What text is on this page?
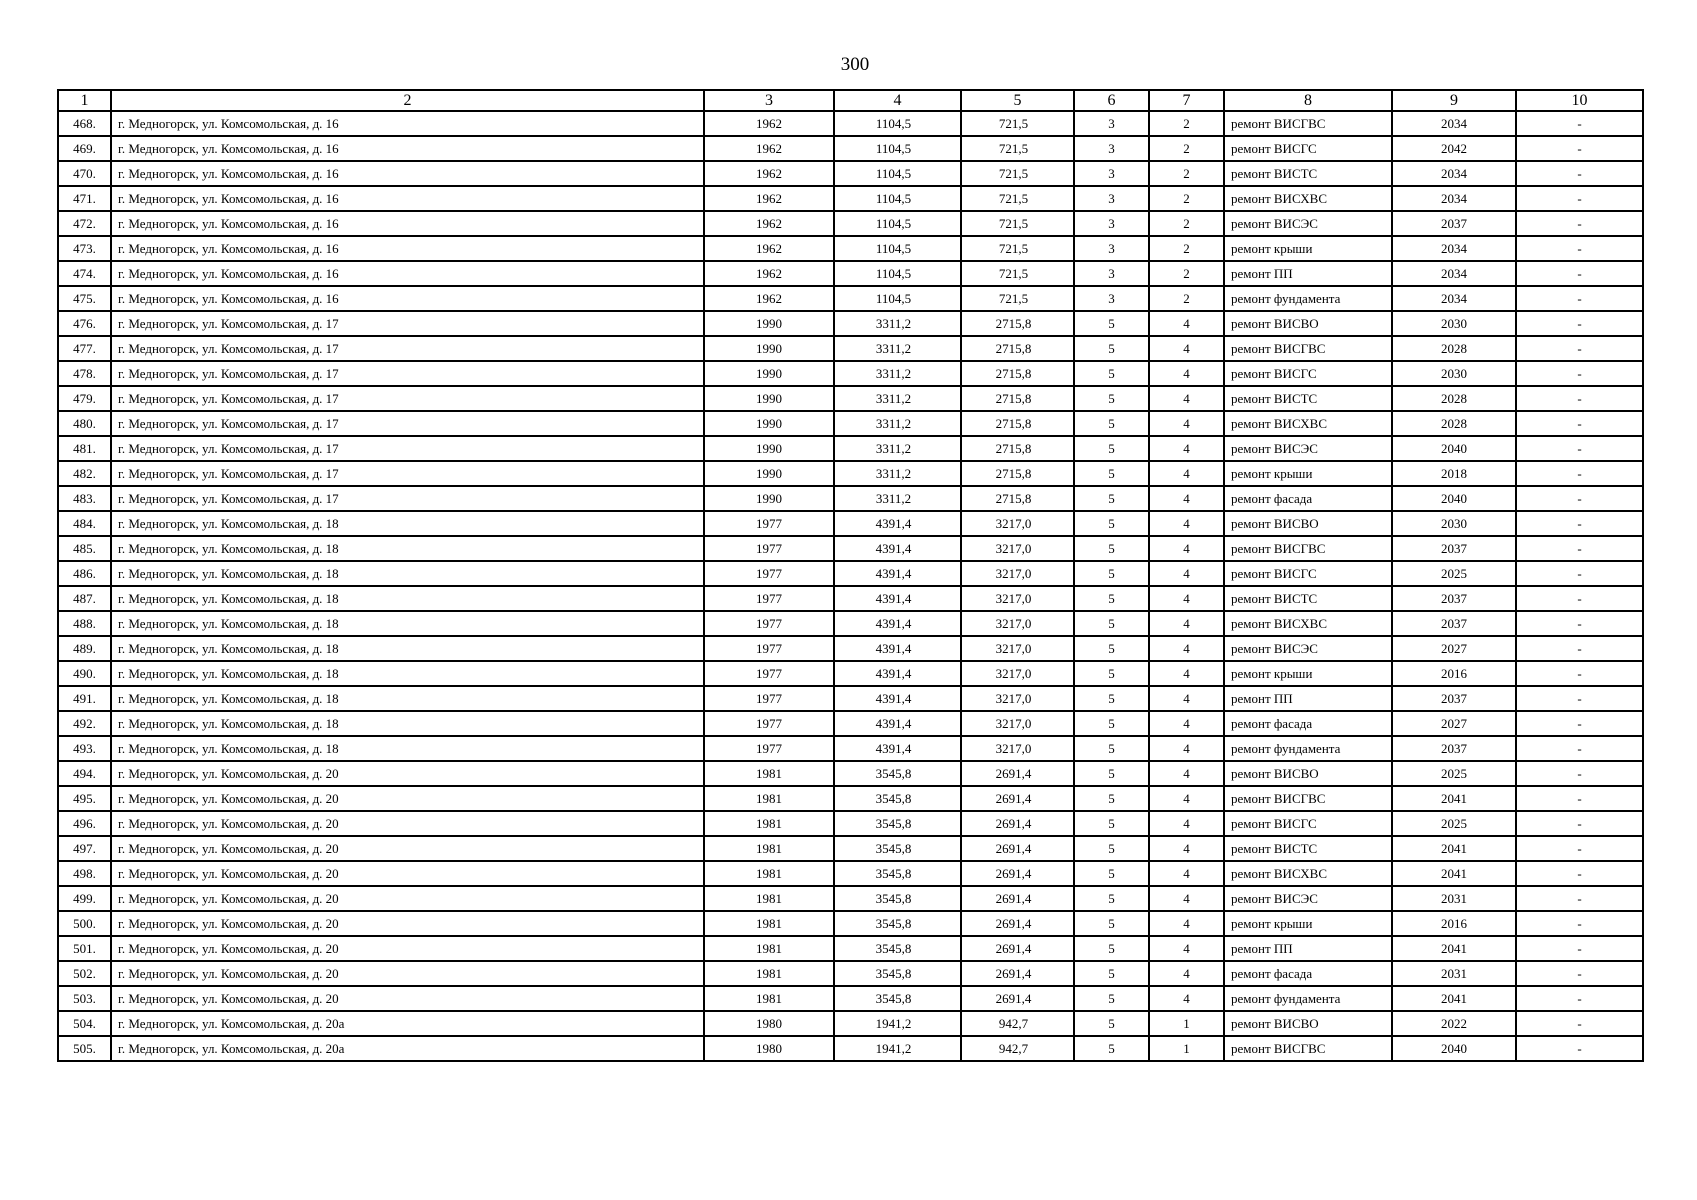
300
1	2	3	4	5	6	7	8	9	10
468.	г. Медногорск, ул. Комсомольская, д. 16	1962	1104,5	721,5	3	2	ремонт ВИСГВС	2034	-
469.	г. Медногорск, ул. Комсомольская, д. 16	1962	1104,5	721,5	3	2	ремонт ВИСГС	2042	-
470.	г. Медногорск, ул. Комсомольская, д. 16	1962	1104,5	721,5	3	2	ремонт ВИСТС	2034	-
471.	г. Медногорск, ул. Комсомольская, д. 16	1962	1104,5	721,5	3	2	ремонт ВИСХВС	2034	-
472.	г. Медногорск, ул. Комсомольская, д. 16	1962	1104,5	721,5	3	2	ремонт ВИСЭС	2037	-
473.	г. Медногорск, ул. Комсомольская, д. 16	1962	1104,5	721,5	3	2	ремонт крыши	2034	-
474.	г. Медногорск, ул. Комсомольская, д. 16	1962	1104,5	721,5	3	2	ремонт ПП	2034	-
475.	г. Медногорск, ул. Комсомольская, д. 16	1962	1104,5	721,5	3	2	ремонт фундамента	2034	-
476.	г. Медногорск, ул. Комсомольская, д. 17	1990	3311,2	2715,8	5	4	ремонт ВИСВО	2030	-
477.	г. Медногорск, ул. Комсомольская, д. 17	1990	3311,2	2715,8	5	4	ремонт ВИСГВС	2028	-
478.	г. Медногорск, ул. Комсомольская, д. 17	1990	3311,2	2715,8	5	4	ремонт ВИСГС	2030	-
479.	г. Медногорск, ул. Комсомольская, д. 17	1990	3311,2	2715,8	5	4	ремонт ВИСТС	2028	-
480.	г. Медногорск, ул. Комсомольская, д. 17	1990	3311,2	2715,8	5	4	ремонт ВИСХВС	2028	-
481.	г. Медногорск, ул. Комсомольская, д. 17	1990	3311,2	2715,8	5	4	ремонт ВИСЭС	2040	-
482.	г. Медногорск, ул. Комсомольская, д. 17	1990	3311,2	2715,8	5	4	ремонт крыши	2018	-
483.	г. Медногорск, ул. Комсомольская, д. 17	1990	3311,2	2715,8	5	4	ремонт фасада	2040	-
484.	г. Медногорск, ул. Комсомольская, д. 18	1977	4391,4	3217,0	5	4	ремонт ВИСВО	2030	-
485.	г. Медногорск, ул. Комсомольская, д. 18	1977	4391,4	3217,0	5	4	ремонт ВИСГВС	2037	-
486.	г. Медногорск, ул. Комсомольская, д. 18	1977	4391,4	3217,0	5	4	ремонт ВИСГС	2025	-
487.	г. Медногорск, ул. Комсомольская, д. 18	1977	4391,4	3217,0	5	4	ремонт ВИСТС	2037	-
488.	г. Медногорск, ул. Комсомольская, д. 18	1977	4391,4	3217,0	5	4	ремонт ВИСХВС	2037	-
489.	г. Медногорск, ул. Комсомольская, д. 18	1977	4391,4	3217,0	5	4	ремонт ВИСЭС	2027	-
490.	г. Медногорск, ул. Комсомольская, д. 18	1977	4391,4	3217,0	5	4	ремонт крыши	2016	-
491.	г. Медногорск, ул. Комсомольская, д. 18	1977	4391,4	3217,0	5	4	ремонт ПП	2037	-
492.	г. Медногорск, ул. Комсомольская, д. 18	1977	4391,4	3217,0	5	4	ремонт фасада	2027	-
493.	г. Медногорск, ул. Комсомольская, д. 18	1977	4391,4	3217,0	5	4	ремонт фундамента	2037	-
494.	г. Медногорск, ул. Комсомольская, д. 20	1981	3545,8	2691,4	5	4	ремонт ВИСВО	2025	-
495.	г. Медногорск, ул. Комсомольская, д. 20	1981	3545,8	2691,4	5	4	ремонт ВИСГВС	2041	-
496.	г. Медногорск, ул. Комсомольская, д. 20	1981	3545,8	2691,4	5	4	ремонт ВИСГС	2025	-
497.	г. Медногорск, ул. Комсомольская, д. 20	1981	3545,8	2691,4	5	4	ремонт ВИСТС	2041	-
498.	г. Медногорск, ул. Комсомольская, д. 20	1981	3545,8	2691,4	5	4	ремонт ВИСХВС	2041	-
499.	г. Медногорск, ул. Комсомольская, д. 20	1981	3545,8	2691,4	5	4	ремонт ВИСЭС	2031	-
500.	г. Медногорск, ул. Комсомольская, д. 20	1981	3545,8	2691,4	5	4	ремонт крыши	2016	-
501.	г. Медногорск, ул. Комсомольская, д. 20	1981	3545,8	2691,4	5	4	ремонт ПП	2041	-
502.	г. Медногорск, ул. Комсомольская, д. 20	1981	3545,8	2691,4	5	4	ремонт фасада	2031	-
503.	г. Медногорск, ул. Комсомольская, д. 20	1981	3545,8	2691,4	5	4	ремонт фундамента	2041	-
504.	г. Медногорск, ул. Комсомольская, д. 20а	1980	1941,2	942,7	5	1	ремонт ВИСВО	2022	-
505.	г. Медногорск, ул. Комсомольская, д. 20а	1980	1941,2	942,7	5	1	ремонт ВИСГВС	2040	-
